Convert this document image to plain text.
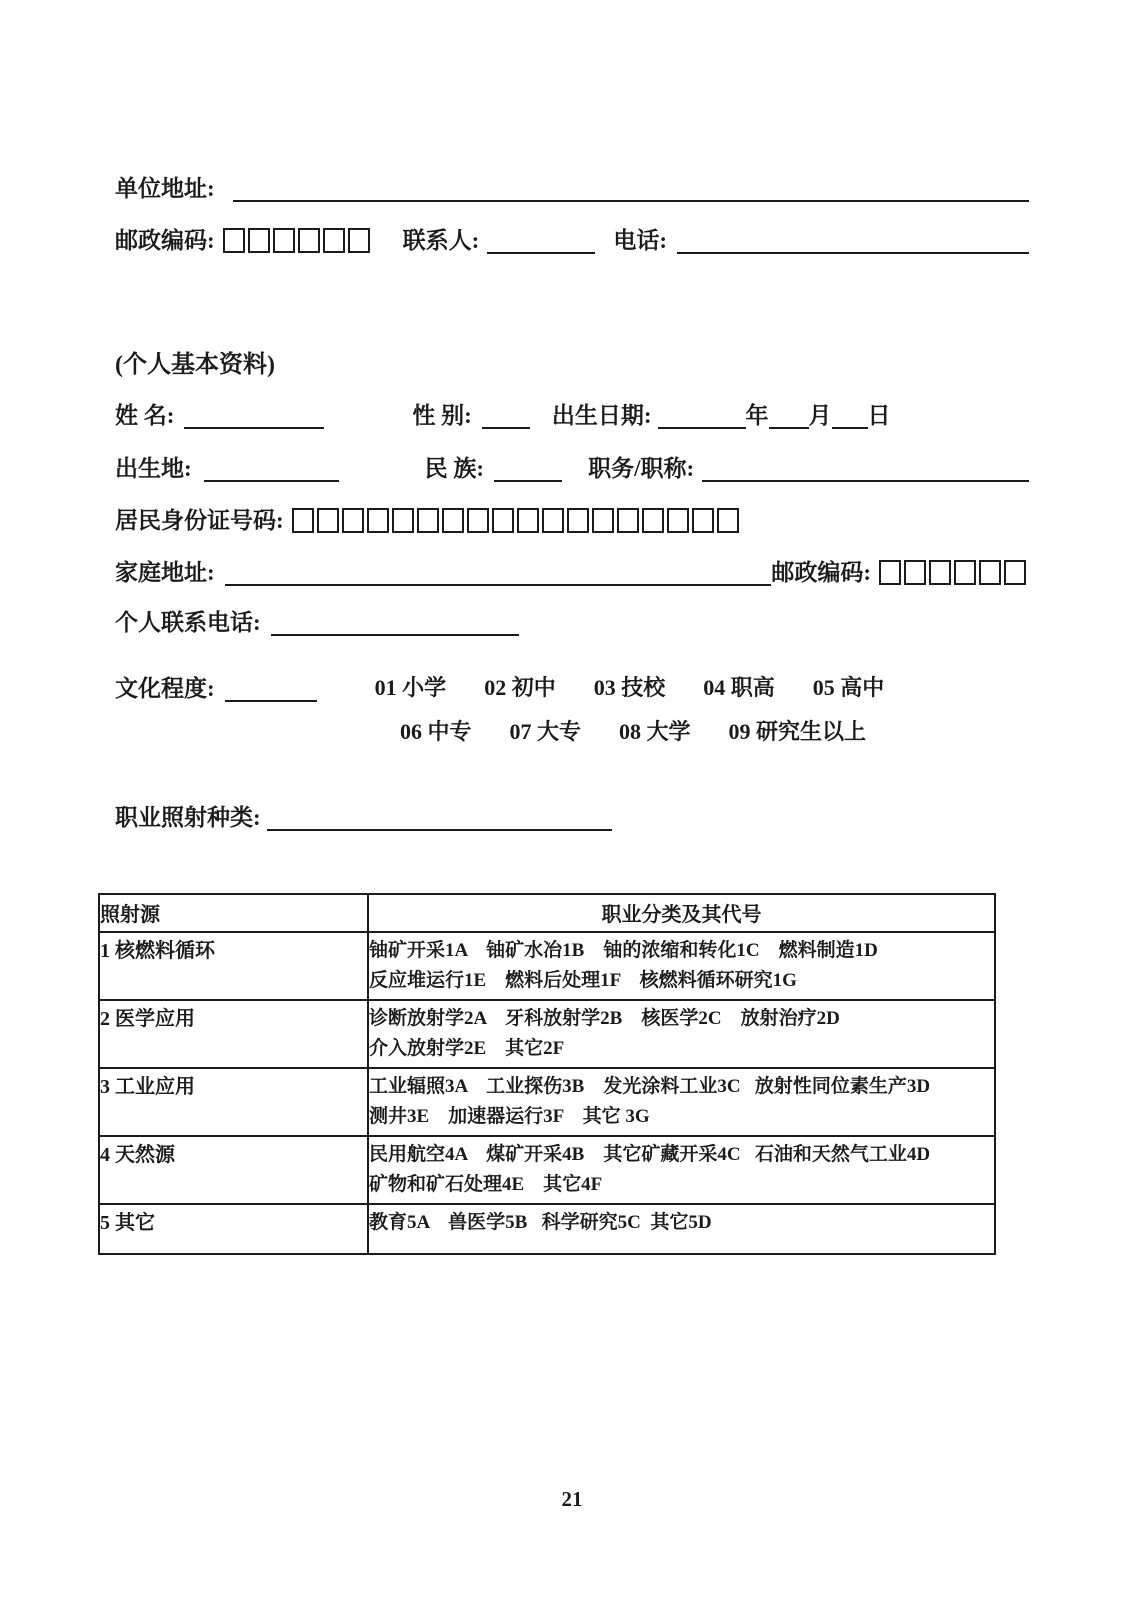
单位地址:
邮政编码:	联系人:	电话:
(个人基本资料)
姓 名:	性 别:	出生日期:	年 月 日
出生地:	民 族:	职务/职称:
居民身份证号码:
家庭地址:	邮政编码:
个人联系电话:
文化程度:	01 小学 02 初中 03 技校 04 职高 05 高中
06 中专 07 大专 08 大学 09 研究生以上
职业照射种类:
照射源	职业分类及其代号
1 核燃料循环	铀矿开采1A    铀矿水冶1B    铀的浓缩和转化1C    燃料制造1D
反应堆运行1E    燃料后处理1F    核燃料循环研究1G

2 医学应用	诊断放射学2A    牙科放射学2B    核医学2C    放射治疗2D
介入放射学2E    其它2F

3 工业应用	工业辐照3A    工业探伤3B    发光涂料工业3C   放射性同位素生产3D
测井3E    加速器运行3F    其它 3G

4 天然源	民用航空4A    煤矿开采4B    其它矿藏开采4C   石油和天然气工业4D
矿物和矿石处理4E    其它4F

5 其它	教育5A    兽医学5B   科学研究5C  其它5D
21
